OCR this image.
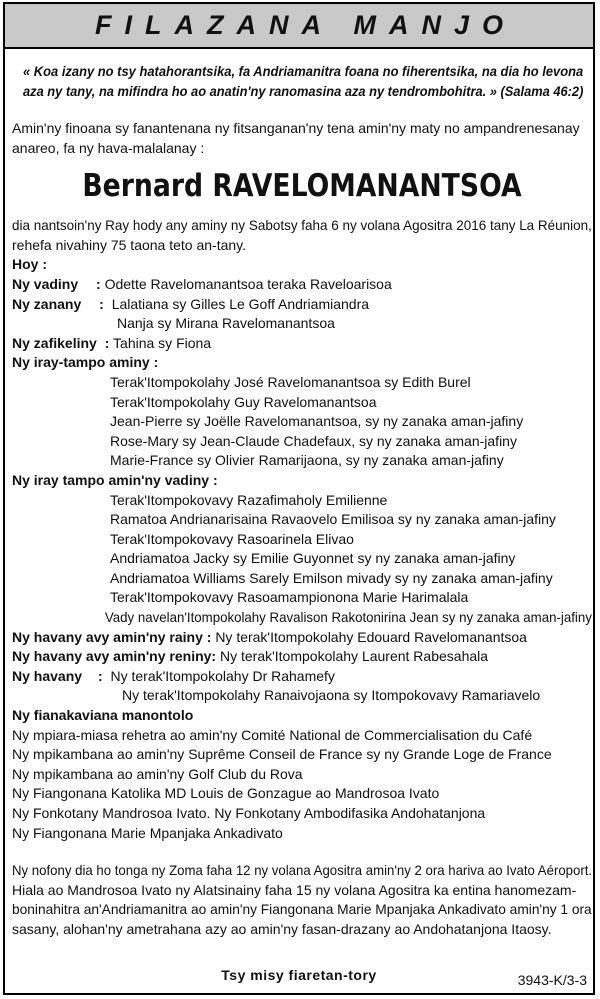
FILAZANA MANJO
« Koa izany no tsy hatahorantsika, fa Andriamanitra foana no fiherentsika, na dia ho levona
aza ny tany, na mifindra ho ao anatin'ny ranomasina aza ny tendrombohitra. » (Salama 46:2)
Amin'ny finoana sy fanantenana ny fitsanganan'ny tena amin'ny maty no ampandrenesanay
anareo, fa ny hava-malalanay :
Bernard RAVELOMANANTSOA
dia nantsoin'ny Ray hody any aminy ny Sabotsy faha 6 ny volana Agositra 2016 tany La Réunion,
rehefa nivahiny 75 taona teto an-tany.
Hoy :
Ny vadiny : Odette Ravelomanantsoa teraka Raveloarisoa
Ny zanany : Lalatiana sy Gilles Le Goff Andriamiandra
Nanja sy Mirana Ravelomanantsoa
Ny zafikeliny : Tahina sy Fiona
Ny iray-tampo aminy :
Terak'Itompokolahy José Ravelomanantsoa sy Edith Burel
Terak'Itompokolahy Guy Ravelomanantsoa
Jean-Pierre sy Joëlle Ravelomanantsoa, sy ny zanaka aman-jafiny
Rose-Mary sy Jean-Claude Chadefaux, sy ny zanaka aman-jafiny
Marie-France sy Olivier Ramarijaona, sy ny zanaka aman-jafiny
Ny iray tampo amin'ny vadiny :
Terak'Itompokovavy Razafimaholy Emilienne
Ramatoa Andrianarisaina Ravaovelo Emilisoa sy ny zanaka aman-jafiny
Terak'Itompokovavy Rasoarinela Elivao
Andriamatoa Jacky sy Emilie Guyonnet sy ny zanaka aman-jafiny
Andriamatoa Williams Sarely Emilson mivady sy ny zanaka aman-jafiny
Terak'Itompokovavy Rasoamampionona Marie Harimalala
Vady navelan'Itompokolahy Ravalison Rakotonirina Jean sy ny zanaka aman-jafiny
Ny havany avy amin'ny rainy : Ny terak'Itompokolahy Edouard Ravelomanantsoa
Ny havany avy amin'ny reniny: Ny terak'Itompokolahy Laurent Rabesahala
Ny havany : Ny terak'Itompokolahy Dr Rahamefy
Ny terak'Itompokolahy Ranaivojaona sy Itompokovavy Ramariavelo
Ny fianakaviana manontolo
Ny mpiara-miasa rehetra ao amin'ny Comité National de Commercialisation du Café
Ny mpikambana ao amin'ny Suprême Conseil de France sy ny Grande Loge de France
Ny mpikambana ao amin'ny Golf Club du Rova
Ny Fiangonana Katolika MD Louis de Gonzague ao Mandrosoa Ivato
Ny Fonkotany Mandrosoa Ivato. Ny Fonkotany Ambodifasika Andohatanjona
Ny Fiangonana Marie Mpanjaka Ankadivato
Ny nofony dia ho tonga ny Zoma faha 12 ny volana Agositra amin'ny 2 ora hariva ao Ivato Aéroport.
Hiala ao Mandrosoa Ivato ny Alatsinainy faha 15 ny volana Agositra ka entina hanomezam-
boninahitra an'Andriamanitra ao amin'ny Fiangonana Marie Mpanjaka Ankadivato amin'ny 1 ora
sasany, alohan'ny ametrahana azy ao amin'ny fasan-drazany ao Andohatanjona Itaosy.
Tsy misy fiaretan-tory	3943-K/3-3
